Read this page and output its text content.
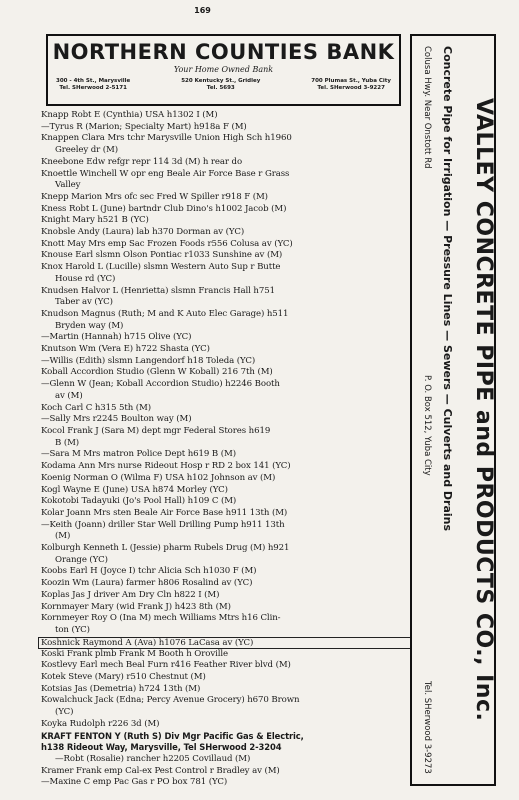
169
NORTHERN COUNTIES BANK
Your Home Owned Bank
300 - 4th St., Marysville
Tel. SHerwood 2-5171
520 Kentucky St., Gridley
Tel. 5693
700 Plumas St., Yuba City
Tel. SHerwood 3-9227
Knapp Robt E (Cynthia) USA h1302 I (M)
—Tyrus R (Marion; Specialty Mart) h918a F (M)
Knappen Clara Mrs tchr Marysville Union High Sch h1960
Greeley dr (M)
Kneebone Edw refgr repr 114 3d (M) h rear do
Knoettle Winchell W opr eng Beale Air Force Base r Grass
Valley
Knepp Marion Mrs ofc sec Fred W Spiller r918 F (M)
Kness Robt L (June) bartndr Club Dino's h1002 Jacob (M)
Knight Mary h521 B (YC)
Knobsle Andy (Laura) lab h370 Dorman av (YC)
Knott May Mrs emp Sac Frozen Foods r556 Colusa av (YC)
Knouse Earl slsmn Olson Pontiac r1033 Sunshine av (M)
Knox Harold L (Lucille) slsmn Western Auto Sup r Butte
House rd (YC)
Knudsen Halvor L (Henrietta) slsmn Francis Hall h751
Taber av (YC)
Knudson Magnus (Ruth; M and K Auto Elec Garage) h511
Bryden way (M)
—Martin (Hannah) h715 Olive (YC)
Knutson Wm (Vera E) h722 Shasta (YC)
—Willis (Edith) slsmn Langendorf h18 Toleda (YC)
Koball Accordion Studio (Glenn W Koball) 216 7th (M)
—Glenn W (Jean; Koball Accordion Studio) h2246 Booth
av (M)
Koch Carl C h315 5th (M)
—Sally Mrs r2245 Boulton way (M)
Kocol Frank J (Sara M) dept mgr Federal Stores h619
B (M)
—Sara M Mrs matron Police Dept h619 B (M)
Kodama Ann Mrs nurse Rideout Hosp r RD 2 box 141 (YC)
Koenig Norman O (Wilma F) USA h102 Johnson av (M)
Kogl Wayne E (June) USA h874 Morley (YC)
Kokotobi Tadayuki (Jo's Pool Hall) h109 C (M)
Kolar Joann Mrs sten Beale Air Force Base h911 13th (M)
—Keith (Joann) driller Star Well Drilling Pump h911 13th
(M)
Kolburgh Kenneth L (Jessie) pharm Rubels Drug (M) h921
Orange (YC)
Koobs Earl H (Joyce I) tchr Alicia Sch h1030 F (M)
Koozin Wm (Laura) farmer h806 Rosalind av (YC)
Koplas Jas J driver Am Dry Cln h822 I (M)
Kornmayer Mary (wid Frank J) h423 8th (M)
Kornmeyer Roy O (Ina M) mech Williams Mtrs h16 Clin-
ton (YC)
Koshnick Raymond A (Ava) h1076 LaCasa av (YC)
Koski Frank plmb Frank M Booth h Oroville
Kostlevy Earl mech Beal Furn r416 Feather River blvd (M)
Kotek Steve (Mary) r510 Chestnut (M)
Kotsias Jas (Demetria) h724 13th (M)
Kowalchuck Jack (Edna; Percy Avenue Grocery) h670 Brown
(YC)
Koyka Rudolph r226 3d (M)
KRAFT FENTON Y (Ruth S) Div Mgr Pacific Gas & Electric,
h138 Rideout Way, Marysville, Tel SHerwood 2-3204
—Robt (Rosalie) rancher h2205 Covillaud (M)
Kramer Frank emp Cal-ex Pest Control r Bradley av (M)
—Maxine C emp Pac Gas r PO box 781 (YC)
VALLEY CONCRETE PIPE and PRODUCTS CO., Inc.
Concrete Pipe for Irrigation — Pressure Lines — Sewers — Culverts and Drains
Colusa Hwy. Near Onstott Rd
P. O. Box 512, Yuba City
Tel. SHerwood 3-9273
